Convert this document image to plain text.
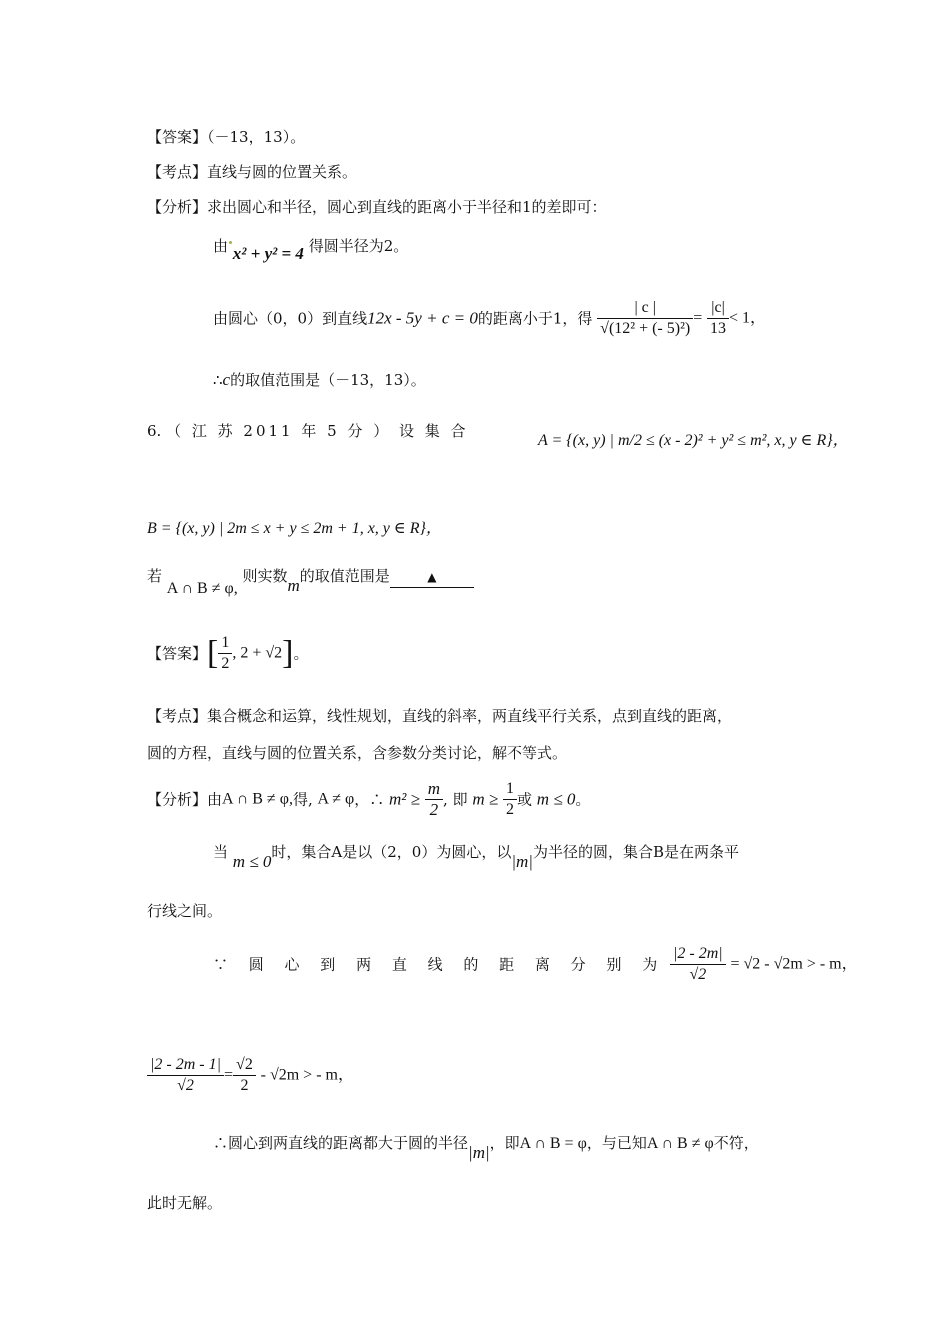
【答案】（－13，13）。
【考点】直线与圆的位置关系。
【分析】求出圆心和半径，圆心到直线的距离小于半径和1的差即可：
由 x² + y² = 4 得圆半径为2。
由圆心（0，0）到直线12x - 5y + c = 0的距离小于1，得 $\frac{| c |}{\text{√(12² + (- 5)²)}} = \frac{|c|}{13} < 1$，
∴c的取值范围是（－13，13）。
6. （ 江 苏 2011 年 5 分 ） 设 集 合
A = {(x, y) | m/2 ≤ (x - 2)² + y² ≤ m², x, y ∈ R}，
B = {(x, y) | 2m ≤ x + y ≤ 2m + 1, x, y ∈ R}，
若 A ∩ B ≠ φ, 则实数m的取值范围是	▲
【答案】[ $\frac{1}{2}$ , 2 + √2]。
【考点】集合概念和运算，线性规划，直线的斜率，两直线平行关系，点到直线的距离，
圆的方程，直线与圆的位置关系，含参数分类讨论，解不等式。
【分析】由A ∩ B ≠ φ,得, A ≠ φ，∴ $m^2 \ge \frac{m}{2}$ , 即 $m \ge \frac{1}{2}$ 或 m ≤ 0。
当 m ≤ 0时，集合A是以（2，0）为圆心，以|m|为半径的圆，集合B是在两条平
行线之间。
∵ 圆 心 到 两 直 线 的 距 离 分 别 为 $\frac{|2 - 2m|}{√2} = √2 - √2m$ > - m，
$\frac{|2 - 2m - 1|}{√2} = \frac{√2}{2} - √2m$ > - m，
∴圆心到两直线的距离都大于圆的半径|m|，即A ∩ B = φ，与已知A ∩ B ≠ φ不符，
此时无解。
